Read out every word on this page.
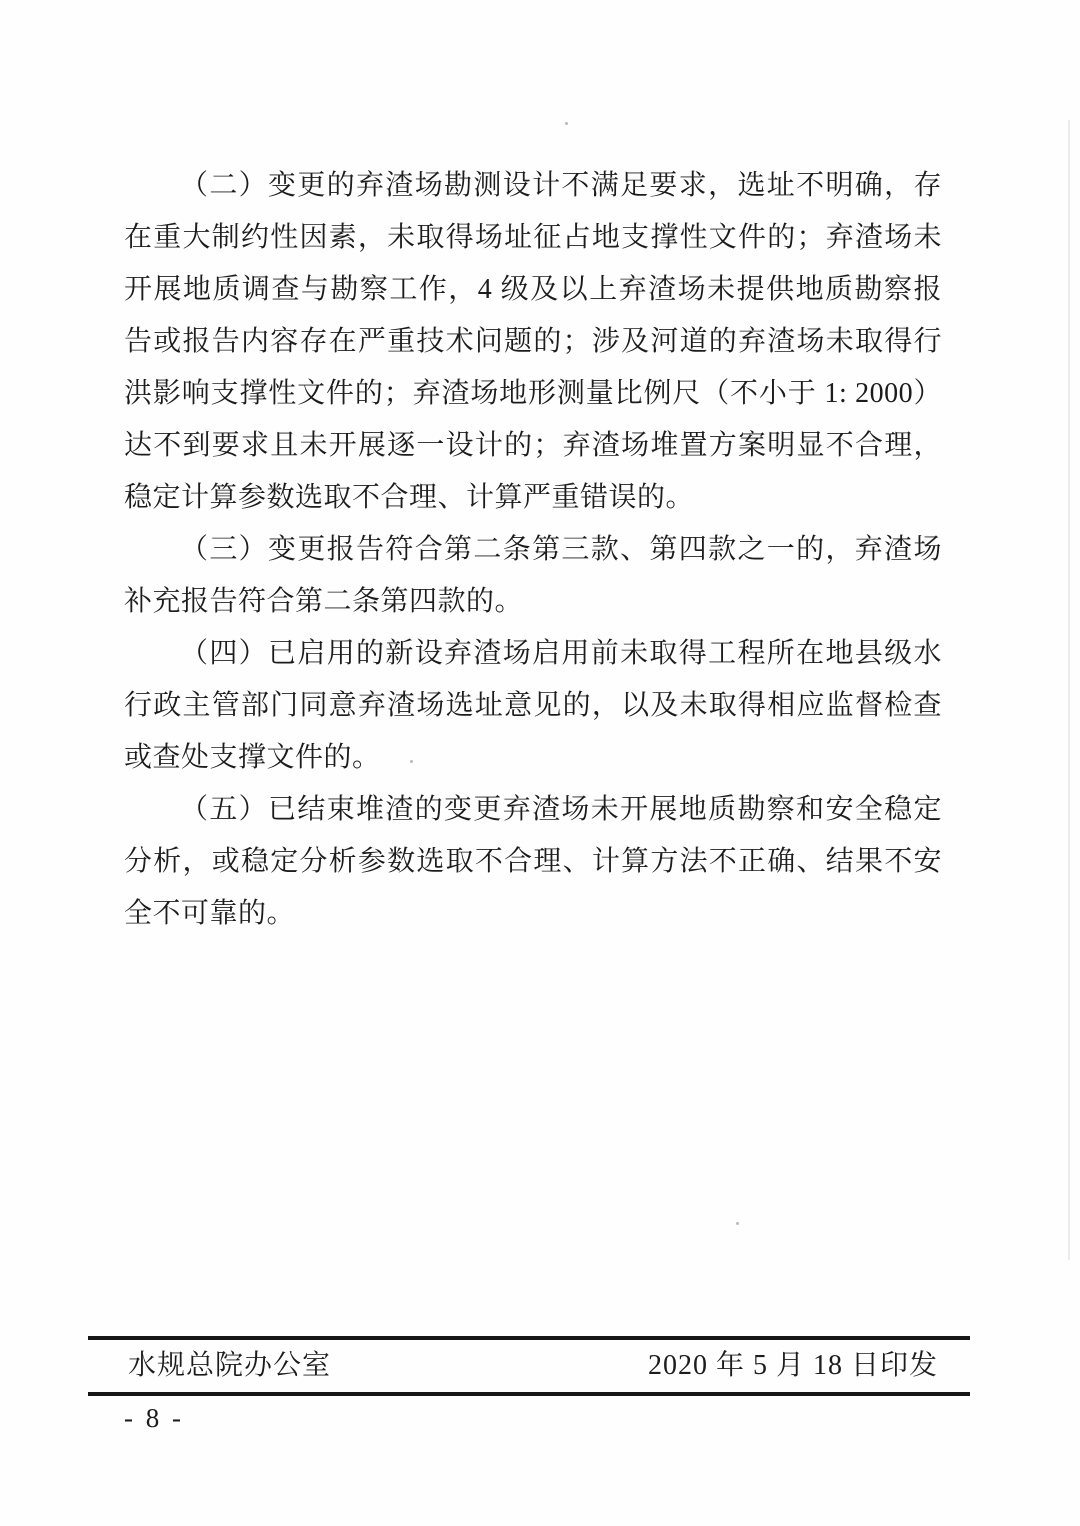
（二）变更的弃渣场勘测设计不满足要求，选址不明确，存
在重大制约性因素，未取得场址征占地支撑性文件的；弃渣场未
开展地质调查与勘察工作，4 级及以上弃渣场未提供地质勘察报
告或报告内容存在严重技术问题的；涉及河道的弃渣场未取得行
洪影响支撑性文件的；弃渣场地形测量比例尺（不小于 1: 2000）
达不到要求且未开展逐一设计的；弃渣场堆置方案明显不合理，
稳定计算参数选取不合理、计算严重错误的。
（三）变更报告符合第二条第三款、第四款之一的，弃渣场
补充报告符合第二条第四款的。
（四）已启用的新设弃渣场启用前未取得工程所在地县级水
行政主管部门同意弃渣场选址意见的，以及未取得相应监督检查
或查处支撑文件的。
（五）已结束堆渣的变更弃渣场未开展地质勘察和安全稳定
分析，或稳定分析参数选取不合理、计算方法不正确、结果不安
全不可靠的。
水规总院办公室	2020 年 5 月 18 日印发
- 8 -
